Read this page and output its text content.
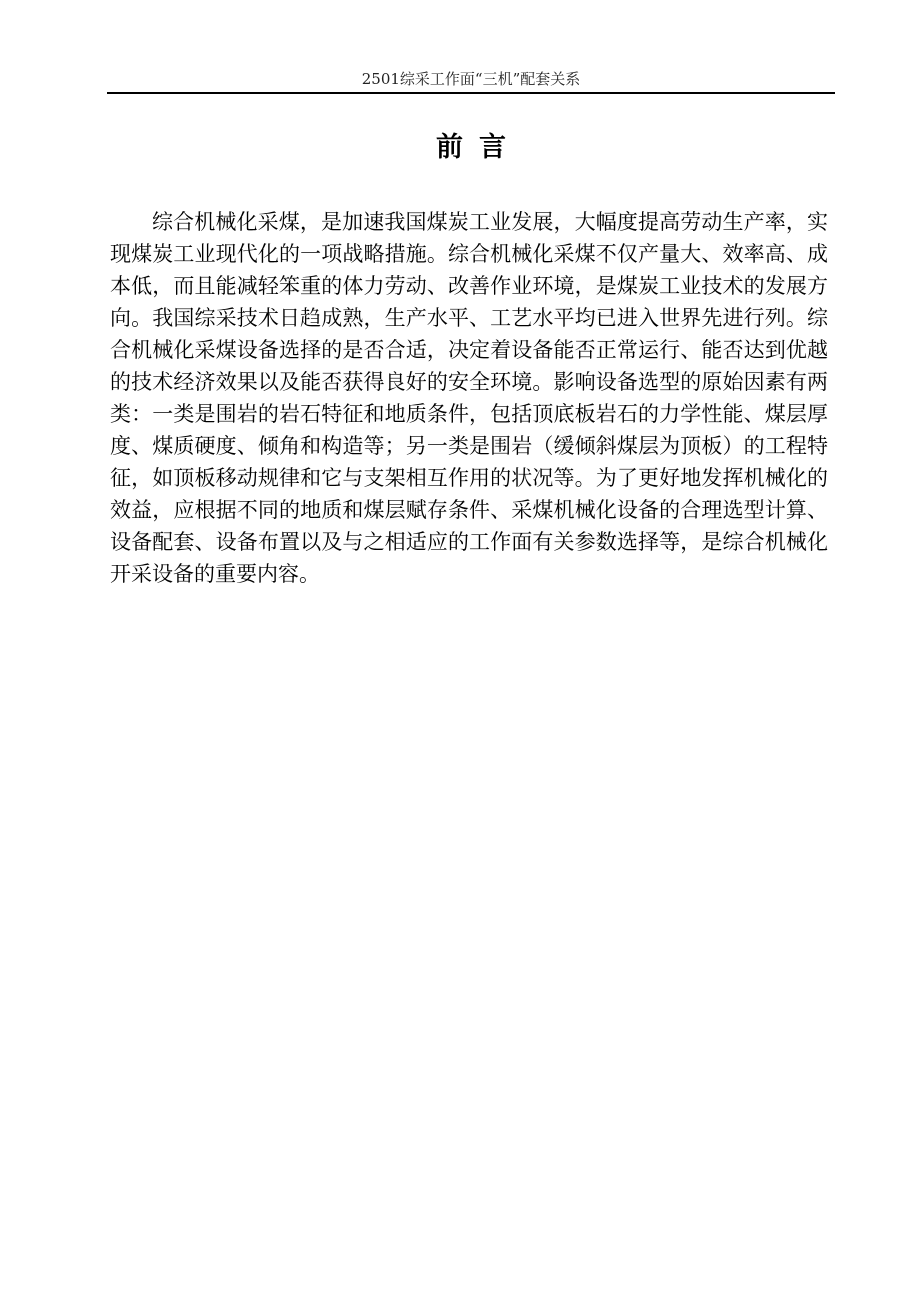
2501综采工作面“三机”配套关系
前言

综合机械化采煤，是加速我国煤炭工业发展，大幅度提高劳动生产率，实现煤炭工业现代化的一项战略措施。综合机械化采煤不仅产量大、效率高、成本低，而且能减轻笨重的体力劳动、改善作业环境，是煤炭工业技术的发展方向。我国综采技术日趋成熟，生产水平、工艺水平均已进入世界先进行列。综合机械化采煤设备选择的是否合适，决定着设备能否正常运行、能否达到优越的技术经济效果以及能否获得良好的安全环境。影响设备选型的原始因素有两类：一类是围岩的岩石特征和地质条件，包括顶底板岩石的力学性能、煤层厚度、煤质硬度、倾角和构造等；另一类是围岩（缓倾斜煤层为顶板）的工程特征，如顶板移动规律和它与支架相互作用的状况等。为了更好地发挥机械化的效益，应根据不同的地质和煤层赋存条件、采煤机械化设备的合理选型计算、设备配套、设备布置以及与之相适应的工作面有关参数选择等，是综合机械化开采设备的重要内容。
